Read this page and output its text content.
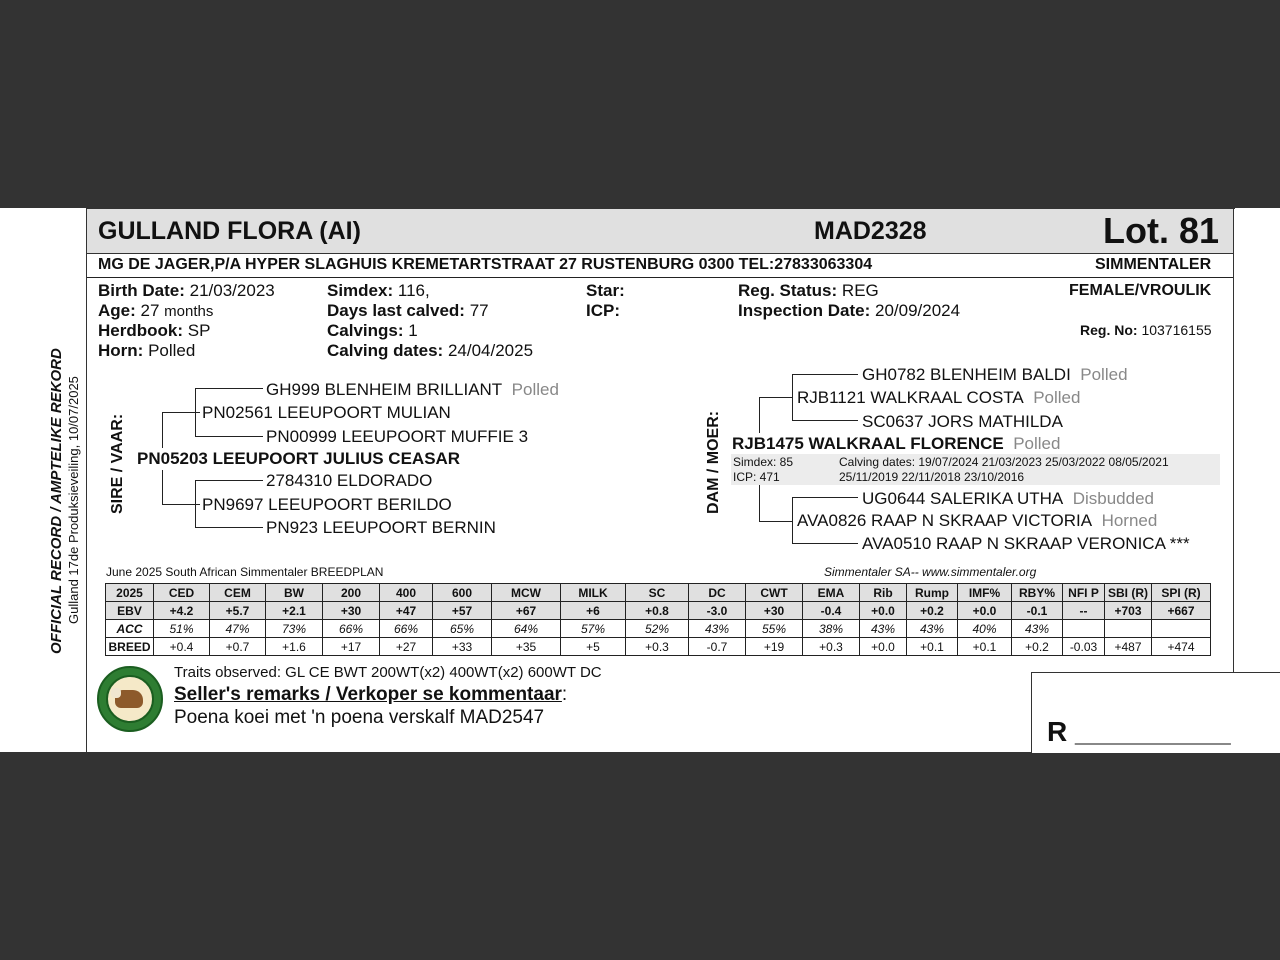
GULLAND FLORA (AI)	MAD2328	Lot. 81
MG DE JAGER,P/A HYPER SLAGHUIS KREMETARTSTRAAT 27 RUSTENBURG 0300 TEL:27833063304	SIMMENTALER
OFFICIAL RECORD / AMPTELIKE REKORD Gulland 17de Produksieveiling, 10/07/2025
Birth Date: 21/03/2023
Age: 27 months
Herdbook: SP
Horn: Polled
Simdex: 116,
Days last calved: 77
Calvings: 1
Calving dates: 24/04/2025
Star:
ICP:
Reg. Status: REG
Inspection Date: 20/09/2024
FEMALE/VROULIK
Reg. No: 103716155
SIRE / VAAR:
GH999 BLENHEIM BRILLIANT Polled
PN02561 LEEUPOORT MULIAN
PN00999 LEEUPOORT MUFFIE 3
PN05203 LEEUPOORT JULIUS CEASAR
2784310 ELDORADO
PN9697 LEEUPOORT BERILDO
PN923 LEEUPOORT BERNIN
DAM / MOER:
GH0782 BLENHEIM BALDI Polled
RJB1121 WALKRAAL COSTA Polled
SC0637 JORS MATHILDA
RJB1475 WALKRAAL FLORENCE Polled
Simdex: 85
ICP: 471
Calving dates: 19/07/2024 21/03/2023 25/03/2022 08/05/2021
25/11/2019 22/11/2018 23/10/2016
UG0644 SALERIKA UTHA Disbudded
AVA0826 RAAP N SKRAAP VICTORIA Horned
AVA0510 RAAP N SKRAAP VERONICA ***
June 2025 South African Simmentaler BREEDPLAN	Simmentaler SA-- www.simmentaler.org
2025	CED	CEM	BW	200	400	600	MCW	MILK	SC	DC	CWT	EMA	Rib	Rump	IMF%	RBY%	NFI P	SBI (R)	SPI (R)
EBV	+4.2	+5.7	+2.1	+30	+47	+57	+67	+6	+0.8	-3.0	+30	-0.4	+0.0	+0.2	+0.0	-0.1	--	+703	+667
ACC	51%	47%	73%	66%	66%	65%	64%	57%	52%	43%	55%	38%	43%	43%	40%	43%			
BREED	+0.4	+0.7	+1.6	+17	+27	+33	+35	+5	+0.3	-0.7	+19	+0.3	+0.0	+0.1	+0.1	+0.2	-0.03	+487	+474
Traits observed: GL CE BWT 200WT(x2) 400WT(x2) 600WT DC
Seller's remarks / Verkoper se kommentaar:
Poena koei met 'n poena verskalf MAD2547	R __________
